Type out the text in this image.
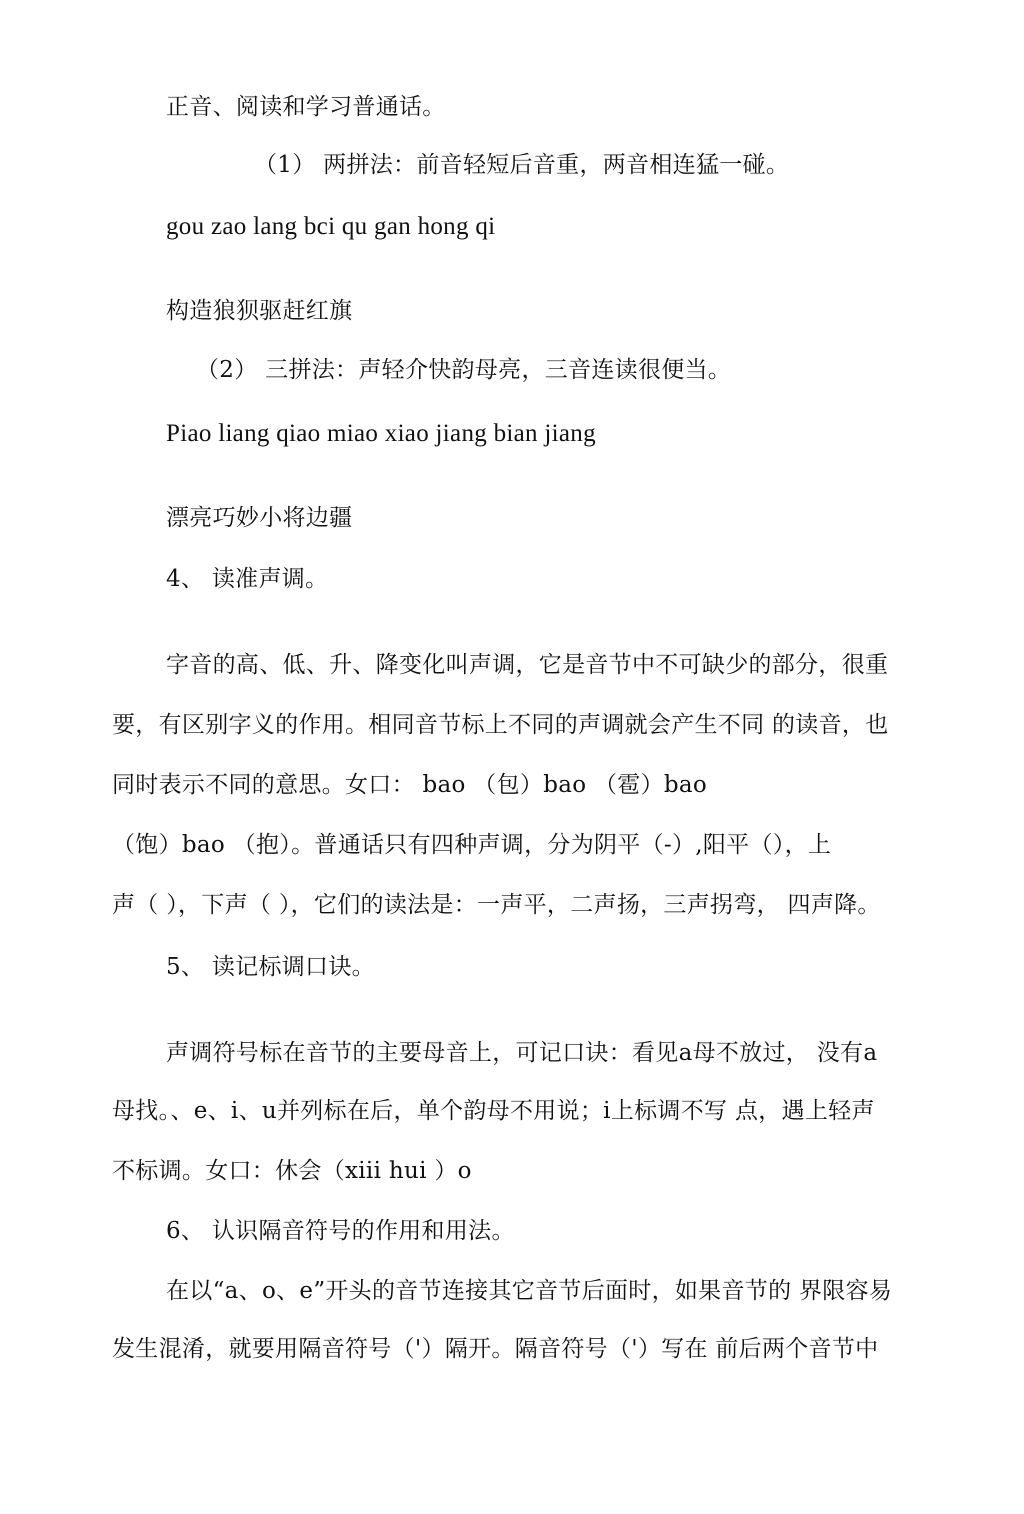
正音、阅读和学习普通话。
（1） 两拼法：前音轻短后音重，两音相连猛一碰。
gou zao lang bci qu gan hong qi
构造狼狈驱赶红旗
（2） 三拼法：声轻介快韵母亮，三音连读很便当。
Piao liang qiao miao xiao jiang bian jiang
漂亮巧妙小将边疆
4、 读准声调。
字音的高、低、升、降变化叫声调，它是音节中不可缺少的部分，很重
要，有区别字义的作用。相同音节标上不同的声调就会产生不同 的读音，也
同时表示不同的意思。女口： bao （包）bao （雹）bao
（饱）bao （抱）。普通话只有四种声调，分为阴平（-）,阳平（），上
声（ ），下声（ ），它们的读法是：一声平，二声扬，三声拐弯， 四声降。
5、 读记标调口诀。
声调符号标在音节的主要母音上，可记口诀：看见a母不放过， 没有a
母找。、e、i、u并列标在后，单个韵母不用说；i上标调不写 点，遇上轻声
不标调。女口：休会（xiii hui ）o
6、 认识隔音符号的作用和用法。
在以“a、o、e”开头的音节连接其它音节后面时，如果音节的 界限容易
发生混淆，就要用隔音符号（'）隔开。隔音符号（'）写在 前后两个音节中
